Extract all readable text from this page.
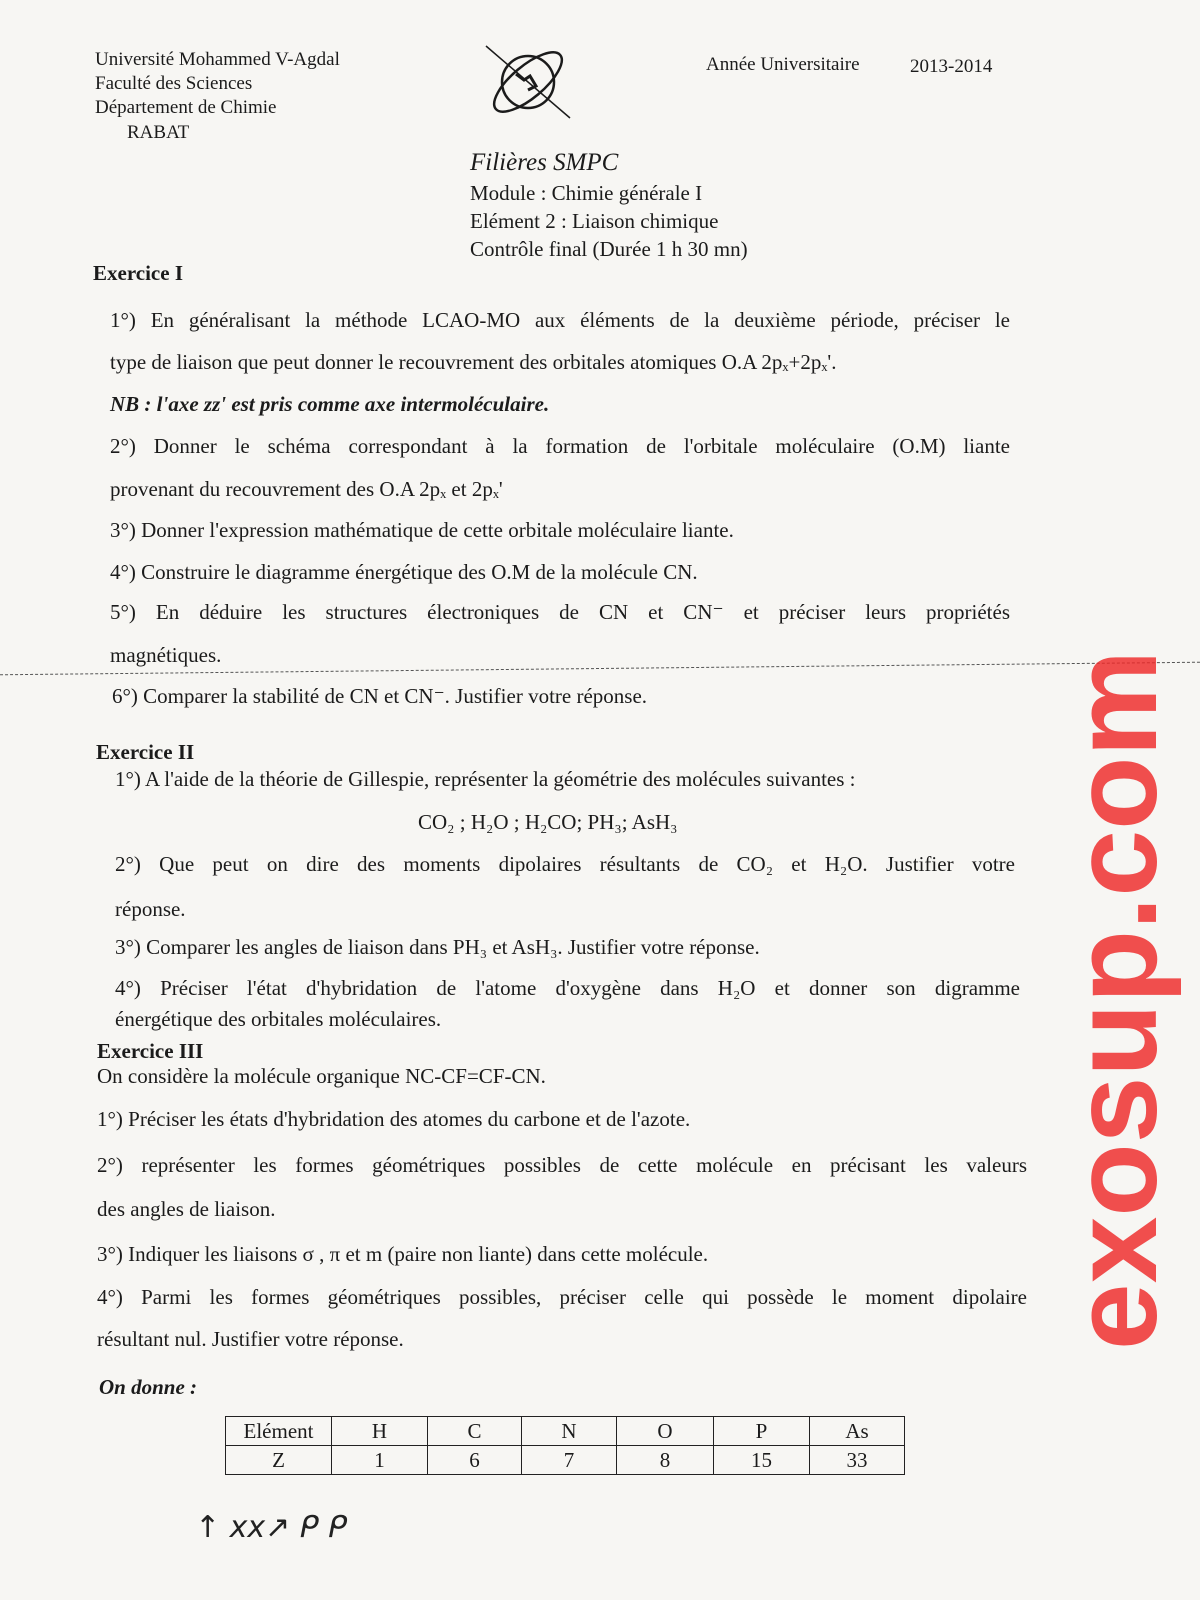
Université Mohammed V-Agdal
Faculté des Sciences
Département de Chimie
RABAT
Année Universitaire	2013-2014
Filières SMPC
Module : Chimie générale I
Elément 2 : Liaison chimique
Contrôle final (Durée 1 h 30 mn)
Exercice I
1°) En généralisant la méthode LCAO-MO aux éléments de la deuxième période, préciser le
type de liaison que peut donner le recouvrement des orbitales atomiques O.A 2pₓ+2pₓ'.
NB : l'axe zz' est pris comme axe intermoléculaire.
2°) Donner le schéma correspondant à la formation de l'orbitale moléculaire (O.M) liante
provenant du recouvrement des O.A 2pₓ et 2pₓ'
3°) Donner l'expression mathématique de cette orbitale moléculaire liante.
4°) Construire le diagramme énergétique des O.M de la molécule CN.
5°) En déduire les structures électroniques de CN et CN⁻ et préciser leurs propriétés
magnétiques.
6°) Comparer la stabilité de CN et CN⁻. Justifier votre réponse.
Exercice II
1°) A l'aide de la théorie de Gillespie, représenter la géométrie des molécules suivantes :
CO₂ ; H₂O ; H₂CO; PH₃; AsH₃
2°) Que peut on dire des moments dipolaires résultants de CO₂ et H₂O. Justifier votre
réponse.
3°) Comparer les angles de liaison dans PH₃ et AsH₃. Justifier votre réponse.
4°) Préciser l'état d'hybridation de l'atome d'oxygène dans H₂O et donner son digramme
énergétique des orbitales moléculaires.
Exercice III
On considère la molécule organique NC-CF=CF-CN.
1°) Préciser les états d'hybridation des atomes du carbone et de l'azote.
2°) représenter les formes géométriques possibles de cette molécule en précisant les valeurs
des angles de liaison.
3°) Indiquer les liaisons σ , π et m (paire non liante) dans cette molécule.
4°) Parmi les formes géométriques possibles, préciser celle qui possède le moment dipolaire
résultant nul. Justifier votre réponse.
On donne :
Elément	H	C	N	O	P	As
Z	1	6	7	8	15	33
↑ xx↗ ᑭ ᑭ
exosup.com
